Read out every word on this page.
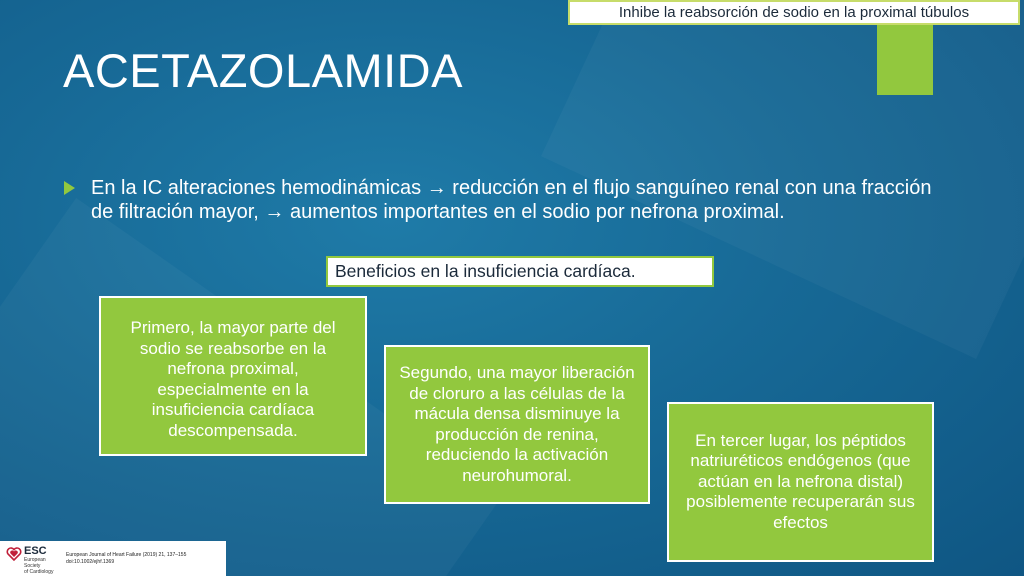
Inhibe la reabsorción de sodio en la proximal túbulos
ACETAZOLAMIDA
En la IC alteraciones hemodinámicas → reducción en el flujo sanguíneo renal con una fracción de filtración mayor, → aumentos importantes en el sodio por nefrona proximal.
Beneficios en la insuficiencia cardíaca.
Primero, la mayor parte del sodio se reabsorbe en la nefrona proximal, especialmente en la insuficiencia cardíaca descompensada.
Segundo, una mayor liberación de cloruro a las células de la mácula densa disminuye la producción de renina, reduciendo la activación neurohumoral.
En tercer lugar, los péptidos natriuréticos endógenos (que actúan en la nefrona distal) posiblemente recuperarán sus efectos
ESC
European Society
of Cardiology
European Journal of Heart Failure (2019) 21, 137–155
doi:10.1002/ejhf.1369
